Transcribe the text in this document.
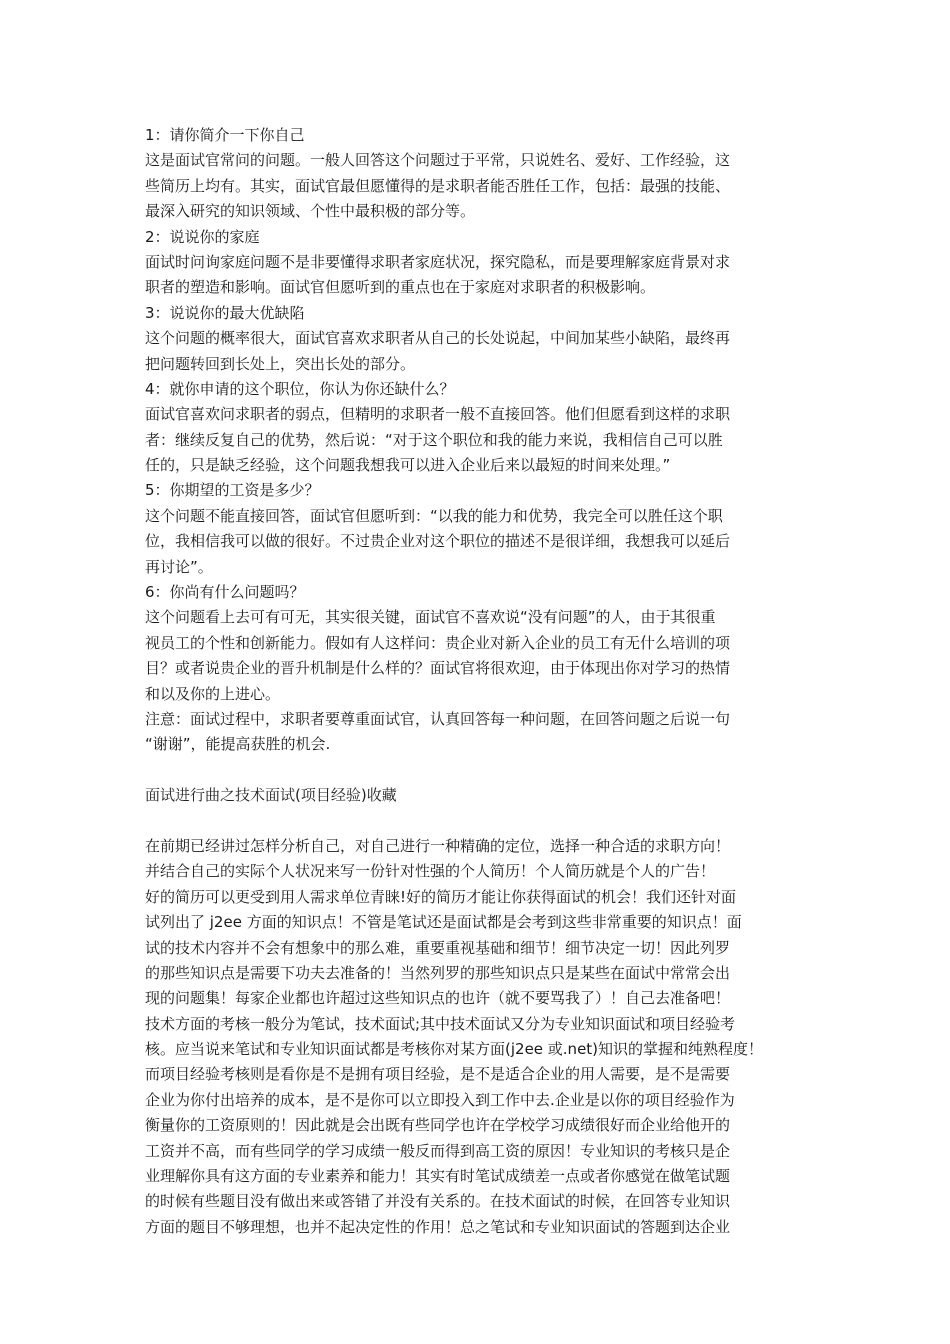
1：请你简介一下你自己
这是面试官常问的问题。一般人回答这个问题过于平常，只说姓名、爱好、工作经验，这
些简历上均有。其实，面试官最但愿懂得的是求职者能否胜任工作，包括：最强的技能、
最深入研究的知识领域、个性中最积极的部分等。
2：说说你的家庭
面试时问询家庭问题不是非要懂得求职者家庭状况，探究隐私，而是要理解家庭背景对求
职者的塑造和影响。面试官但愿听到的重点也在于家庭对求职者的积极影响。
3：说说你的最大优缺陷
这个问题的概率很大，面试官喜欢求职者从自己的长处说起，中间加某些小缺陷，最终再
把问题转回到长处上，突出长处的部分。
4：就你申请的这个职位，你认为你还缺什么？
面试官喜欢问求职者的弱点，但精明的求职者一般不直接回答。他们但愿看到这样的求职
者：继续反复自己的优势，然后说：“对于这个职位和我的能力来说，我相信自己可以胜
任的，只是缺乏经验，这个问题我想我可以进入企业后来以最短的时间来处理。”
5：你期望的工资是多少？
这个问题不能直接回答，面试官但愿听到：“以我的能力和优势，我完全可以胜任这个职
位，我相信我可以做的很好。不过贵企业对这个职位的描述不是很详细，我想我可以延后
再讨论”。
6：你尚有什么问题吗？
这个问题看上去可有可无，其实很关键，面试官不喜欢说“没有问题”的人，由于其很重
视员工的个性和创新能力。假如有人这样问：贵企业对新入企业的员工有无什么培训的项
目？或者说贵企业的晋升机制是什么样的？面试官将很欢迎，由于体现出你对学习的热情
和以及你的上进心。
注意：面试过程中，求职者要尊重面试官，认真回答每一种问题，在回答问题之后说一句
“谢谢”，能提高获胜的机会.
面试进行曲之技术面试(项目经验)收藏
在前期已经讲过怎样分析自己，对自己进行一种精确的定位，选择一种合适的求职方向！
并结合自己的实际个人状况来写一份针对性强的个人简历！个人简历就是个人的广告！
好的简历可以更受到用人需求单位青睐!好的简历才能让你获得面试的机会！我们还针对面
试列出了 j2ee 方面的知识点！不管是笔试还是面试都是会考到这些非常重要的知识点！面
试的技术内容并不会有想象中的那么难，重要重视基础和细节！细节决定一切！因此列罗
的那些知识点是需要下功夫去准备的！当然列罗的那些知识点只是某些在面试中常常会出
现的问题集！每家企业都也许超过这些知识点的也许（就不要骂我了）！自己去准备吧！
技术方面的考核一般分为笔试，技术面试;其中技术面试又分为专业知识面试和项目经验考
核。应当说来笔试和专业知识面试都是考核你对某方面(j2ee 或.net)知识的掌握和纯熟程度！
而项目经验考核则是看你是不是拥有项目经验，是不是适合企业的用人需要，是不是需要
企业为你付出培养的成本，是不是你可以立即投入到工作中去.企业是以你的项目经验作为
衡量你的工资原则的！因此就是会出既有些同学也许在学校学习成绩很好而企业给他开的
工资并不高，而有些同学的学习成绩一般反而得到高工资的原因！专业知识的考核只是企
业理解你具有这方面的专业素养和能力！其实有时笔试成绩差一点或者你感觉在做笔试题
的时候有些题目没有做出来或答错了并没有关系的。在技术面试的时候，在回答专业知识
方面的题目不够理想，也并不起决定性的作用！总之笔试和专业知识面试的答题到达企业
